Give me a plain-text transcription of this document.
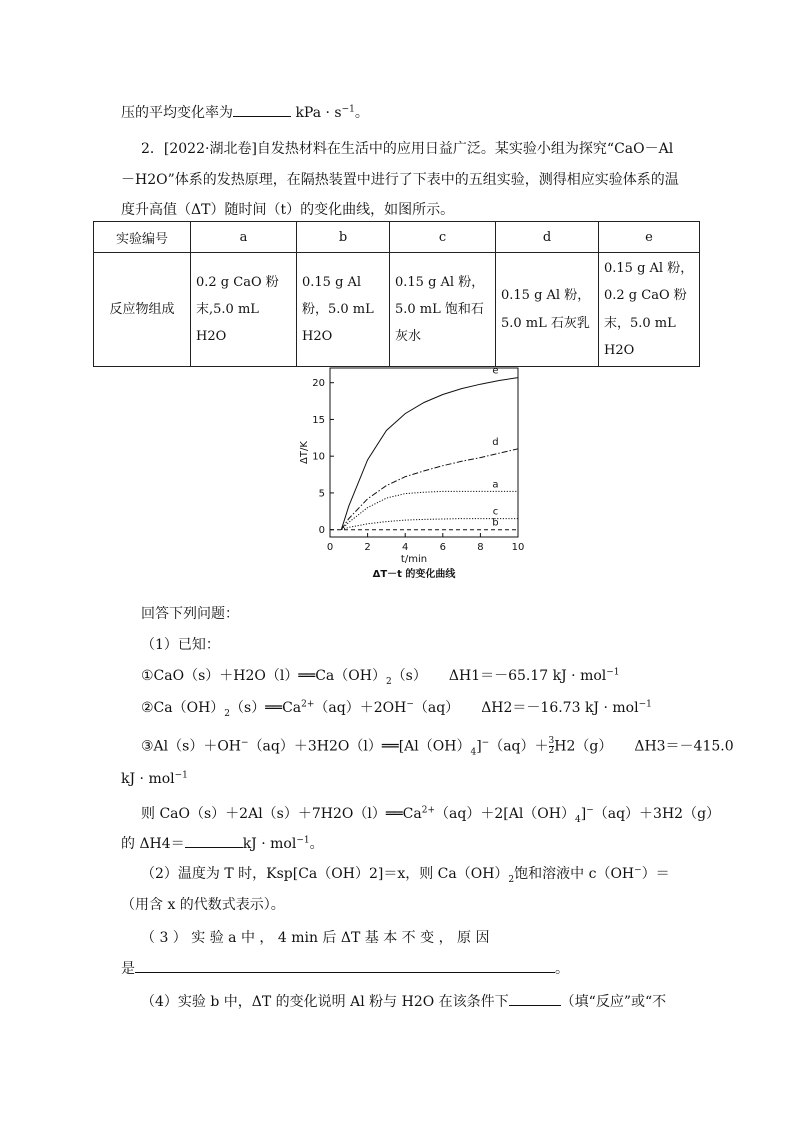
压的平均变化率为	kPa · $s^{-1}$。
2．[2022·湖北卷]自发热材料在生活中的应用日益广泛。某实验小组为探究“CaO－Al
－H2O”体系的发热原理，在隔热装置中进行了下表中的五组实验，测得相应实验体系的温
度升高值（ΔT）随时间（t）的变化曲线，如图所示。
实验编号	a	b	c	d	e
反应物组成	0.2 g CaO 粉
末,5.0 mL H2O	0.15 g Al
粉，5.0 mL
H2O	0.15 g Al 粉，
5.0 mL 饱和石
灰水	0.15 g Al 粉，
5.0 mL 石灰乳	0.15 g Al 粉，
0.2 g CaO 粉
末，5.0 mL H2O
0	2	4	6	8	10
0
5
10
15
20
e
d
a
c
b
ΔT/K
t/min
ΔT－t 的变化曲线
回答下列问题：
（1）已知：
$①CaO(s)+H2O(l)══Ca(OH)_2(s)$ ΔH1＝－65.17 kJ · mol$^{-1}$
$②Ca(OH)_2(s)══Ca^{2+}(aq)+2OH^-(aq)$ ΔH2＝－16.73 kJ · mol$^{-1}$
$③Al(s)+OH^-(aq)+3H2O(l)══[Al(OH)_4]^-(aq)+ \frac{3}{2} H2(g)$ ΔH3＝－415.0
kJ · mol$^{-1}$
则 $CaO(s)+2Al(s)+7H2O(l)══Ca^{2+}(aq)+2[Al(OH)_4]^-(aq)+3H2(g)$
的 ΔH4＝	kJ · mol$^{-1}$。
（2）温度为 T 时，Ksp[Ca（OH）2]＝x，则 $Ca(OH)_2$饱和溶液中 c（OH−）＝
（用含 x 的代数式表示）。
（ 3 ） 实 验 a 中 ， 4 min 后 ΔT 基 本 不 变 ， 原 因
是	。
（4）实验 b 中，ΔT 的变化说明 Al 粉与 H2O 在该条件下	（填“反应”或“不
